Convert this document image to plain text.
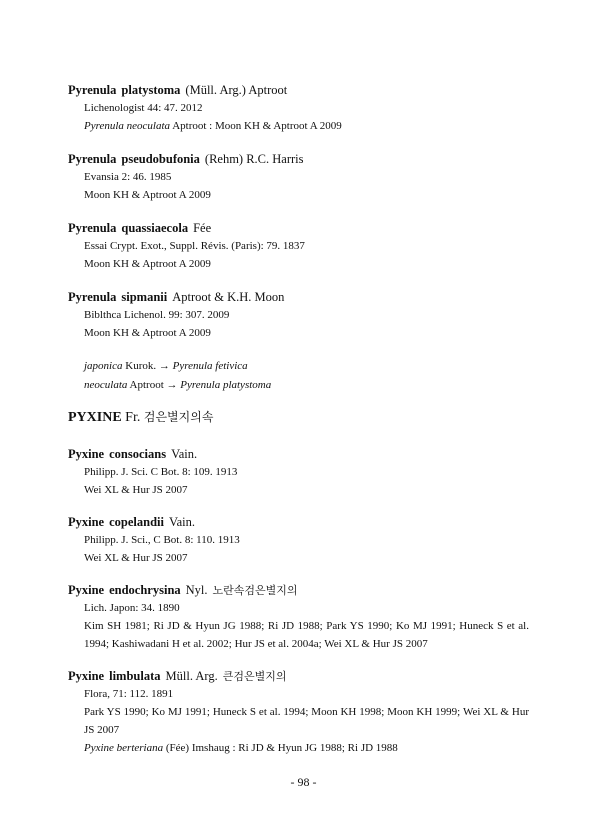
Pyrenula platystoma (Müll. Arg.) Aptroot
Lichenologist 44: 47. 2012
Pyrenula neoculata Aptroot : Moon KH & Aptroot A 2009
Pyrenula pseudobufonia (Rehm) R.C. Harris
Evansia 2: 46. 1985
Moon KH & Aptroot A 2009
Pyrenula quassiaecola Fée
Essai Crypt. Exot., Suppl. Révis. (Paris): 79. 1837
Moon KH & Aptroot A 2009
Pyrenula sipmanii Aptroot & K.H. Moon
Biblthca Lichenol. 99: 307. 2009
Moon KH & Aptroot A 2009
japonica Kurok. → Pyrenula fetivica
neoculata Aptroot → Pyrenula platystoma
PYXINE Fr. 검은별지의속
Pyxine consocians Vain.
Philipp. J. Sci. C Bot. 8: 109. 1913
Wei XL & Hur JS 2007
Pyxine copelandii Vain.
Philipp. J. Sci., C Bot. 8: 110. 1913
Wei XL & Hur JS 2007
Pyxine endochrysina Nyl. 노란속검은별지의
Lich. Japon: 34. 1890
Kim SH 1981; Ri JD & Hyun JG 1988; Ri JD 1988; Park YS 1990; Ko MJ 1991; Huneck S et al. 1994; Kashiwadani H et al. 2002; Hur JS et al. 2004a; Wei XL & Hur JS 2007
Pyxine limbulata Müll. Arg. 큰검은별지의
Flora, 71: 112. 1891
Park YS 1990; Ko MJ 1991; Huneck S et al. 1994; Moon KH 1998; Moon KH 1999; Wei XL & Hur JS 2007
Pyxine berteriana (Fée) Imshaug : Ri JD & Hyun JG 1988; Ri JD 1988
- 98 -
